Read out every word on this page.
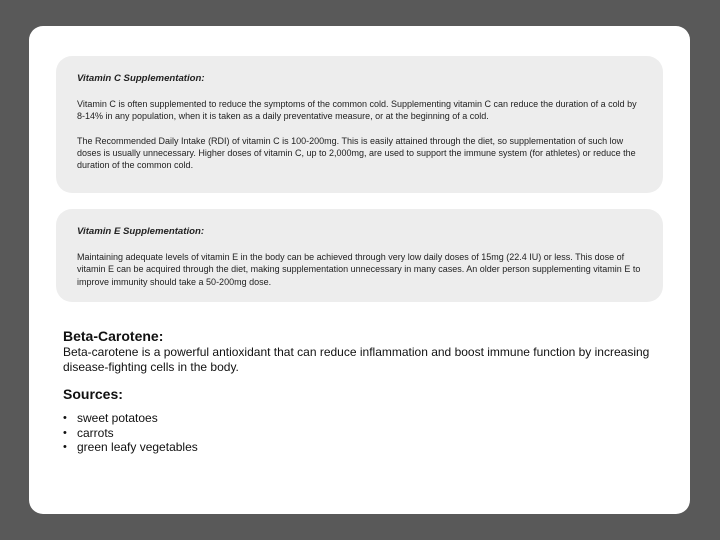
Vitamin C Supplementation:

Vitamin C is often supplemented to reduce the symptoms of the common cold. Supplementing vitamin C can reduce the duration of a cold by 8-14% in any population, when it is taken as a daily preventative measure, or at the beginning of a cold.

The Recommended Daily Intake (RDI) of vitamin C is 100-200mg. This is easily attained through the diet, so supplementation of such low doses is usually unnecessary. Higher doses of vitamin C, up to 2,000mg, are used to support the immune system (for athletes) or reduce the duration of the common cold.

Vitamin E Supplementation:

Maintaining adequate levels of vitamin E in the body can be achieved through very low daily doses of 15mg (22.4 IU) or less. This dose of vitamin E can be acquired through the diet, making supplementation unnecessary in many cases. An older person supplementing vitamin E to improve immunity should take a 50-200mg dose.

Beta-Carotene:

Beta-carotene is a powerful antioxidant that can reduce inflammation and boost immune function by increasing disease-fighting cells in the body.

Sources:
• sweet potatoes
• carrots
• green leafy vegetables
